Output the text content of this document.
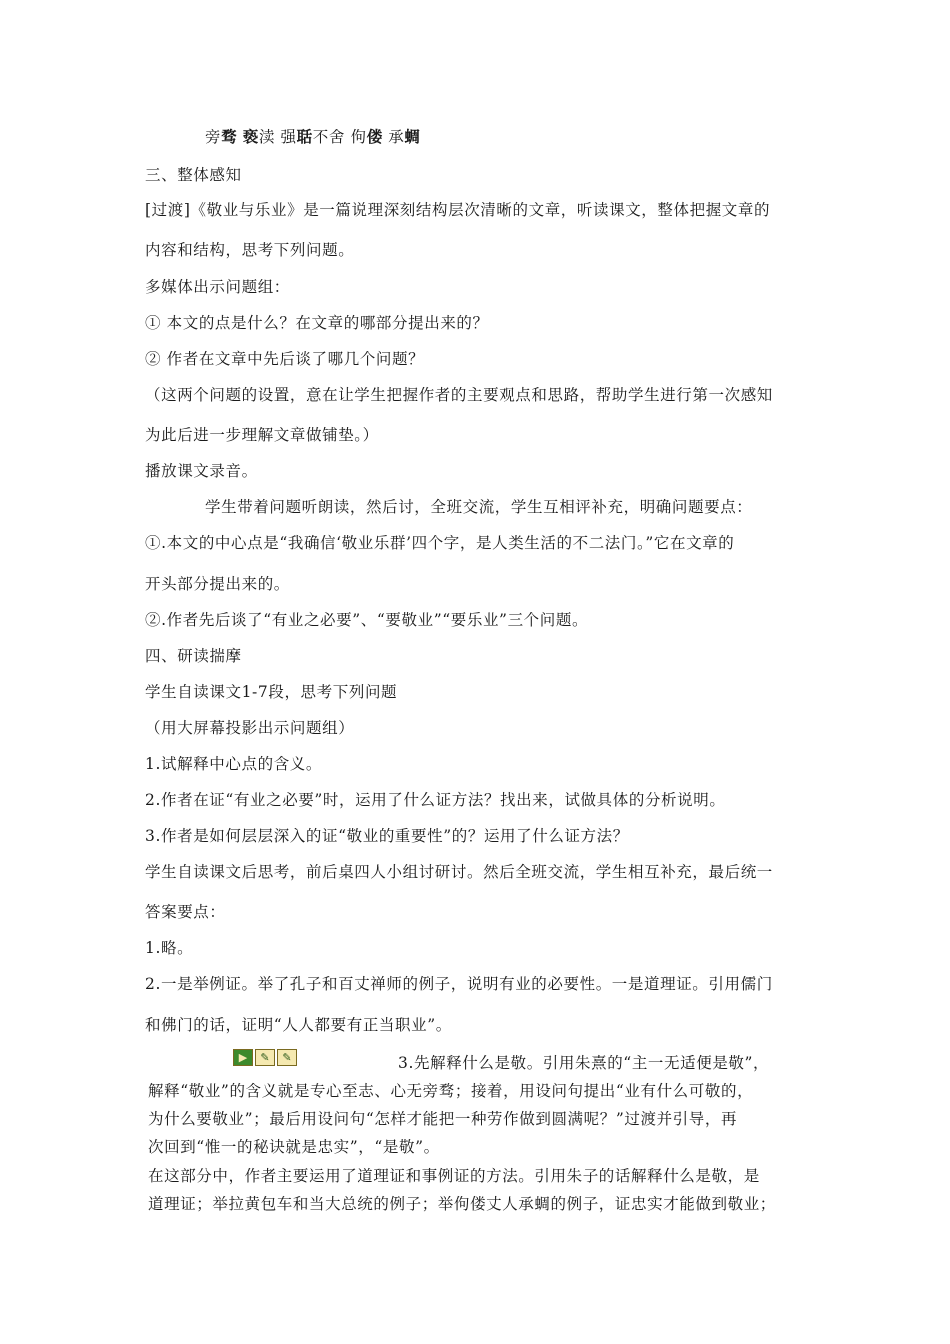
旁骛 亵渎 强聒不舍 佝偻 承蜩
三、整体感知
[过渡]《敬业与乐业》是一篇说理深刻结构层次清晰的文章，听读课文，整体把握文章的
内容和结构，思考下列问题。
多媒体出示问题组：
① 本文的点是什么？在文章的哪部分提出来的？
② 作者在文章中先后谈了哪几个问题？
（这两个问题的设置，意在让学生把握作者的主要观点和思路，帮助学生进行第一次感知
为此后进一步理解文章做铺垫。）
播放课文录音。
学生带着问题听朗读，然后讨，全班交流，学生互相评补充，明确问题要点：
①.本文的中心点是“我确信‘敬业乐群’四个字，是人类生活的不二法门。”它在文章的
开头部分提出来的。
②.作者先后谈了“有业之必要”、“要敬业”“要乐业”三个问题。
四、研读揣摩
学生自读课文1-7段，思考下列问题
（用大屏幕投影出示问题组）
1.试解释中心点的含义。
2.作者在证“有业之必要”时，运用了什么证方法？找出来，试做具体的分析说明。
3.作者是如何层层深入的证“敬业的重要性”的？运用了什么证方法？
学生自读课文后思考，前后桌四人小组讨研讨。然后全班交流，学生相互补充，最后统一
答案要点：
1.略。
2.一是举例证。举了孔子和百丈禅师的例子，说明有业的必要性。一是道理证。引用儒门
和佛门的话，证明“人人都要有正当职业”。
▶	✎	✎	3.先解释什么是敬。引用朱熹的“主一无适便是敬”，
解释“敬业”的含义就是专心至志、心无旁骛；接着，用设问句提出“业有什么可敬的，
为什么要敬业”；最后用设问句“怎样才能把一种劳作做到圆满呢？”过渡并引导，再
次回到“惟一的秘诀就是忠实”，“是敬”。
在这部分中，作者主要运用了道理证和事例证的方法。引用朱子的话解释什么是敬，是
道理证；举拉黄包车和当大总统的例子；举佝偻丈人承蜩的例子，证忠实才能做到敬业；
